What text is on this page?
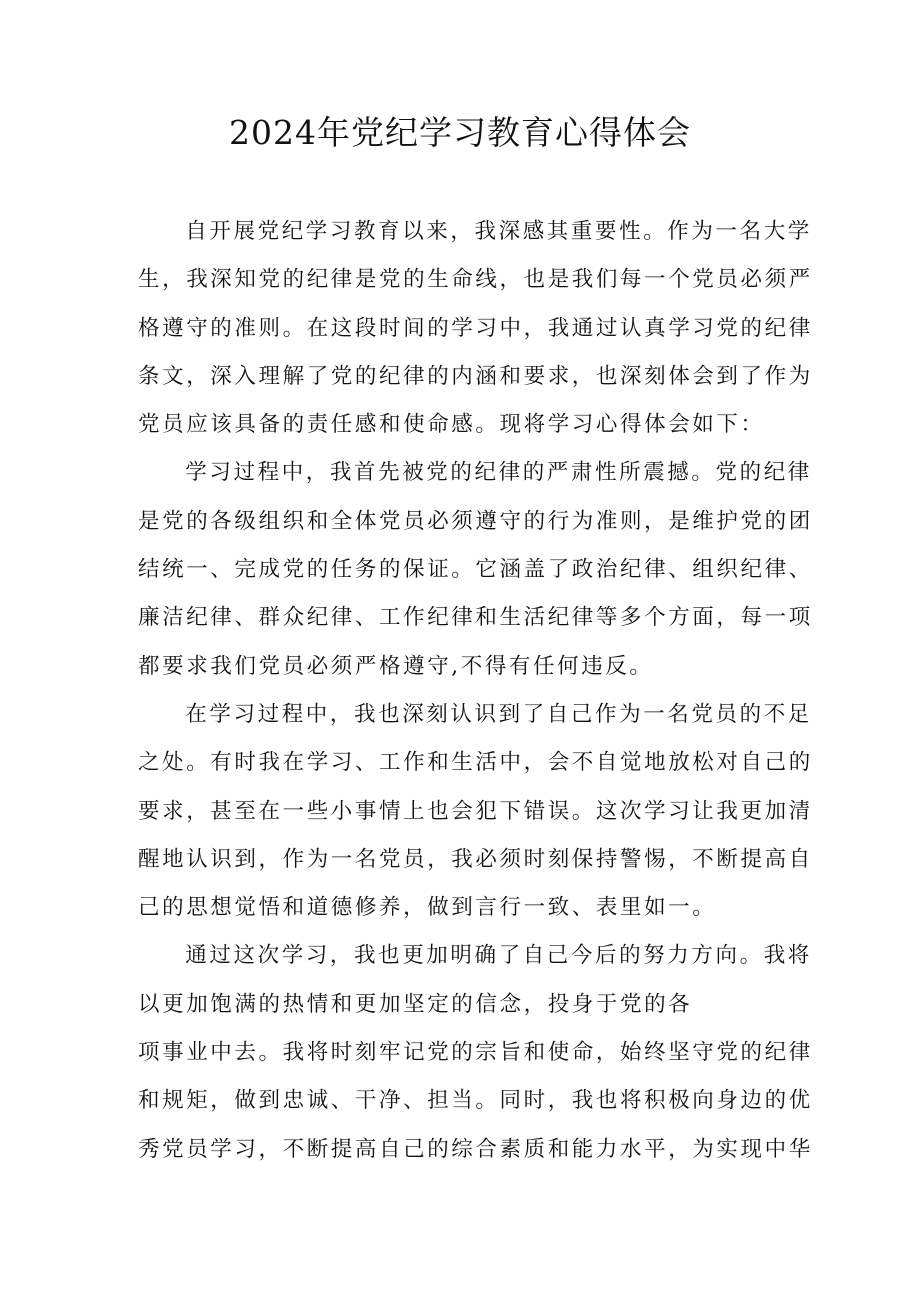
2024年党纪学习教育心得体会
自开展党纪学习教育以来，我深感其重要性。作为一名大学
生，我深知党的纪律是党的生命线，也是我们每一个党员必须严
格遵守的准则。在这段时间的学习中，我通过认真学习党的纪律
条文，深入理解了党的纪律的内涵和要求，也深刻体会到了作为
党员应该具备的责任感和使命感。现将学习心得体会如下：
学习过程中，我首先被党的纪律的严肃性所震撼。党的纪律
是党的各级组织和全体党员必须遵守的行为准则，是维护党的团
结统一、完成党的任务的保证。它涵盖了政治纪律、组织纪律、
廉洁纪律、群众纪律、工作纪律和生活纪律等多个方面，每一项
都要求我们党员必须严格遵守,不得有任何违反。
在学习过程中，我也深刻认识到了自己作为一名党员的不足
之处。有时我在学习、工作和生活中，会不自觉地放松对自己的
要求，甚至在一些小事情上也会犯下错误。这次学习让我更加清
醒地认识到，作为一名党员，我必须时刻保持警惕，不断提高自
己的思想觉悟和道德修养，做到言行一致、表里如一。
通过这次学习，我也更加明确了自己今后的努力方向。我将
以更加饱满的热情和更加坚定的信念，投身于党的各
项事业中去。我将时刻牢记党的宗旨和使命，始终坚守党的纪律
和规矩，做到忠诚、干净、担当。同时，我也将积极向身边的优
秀党员学习，不断提高自己的综合素质和能力水平，为实现中华
